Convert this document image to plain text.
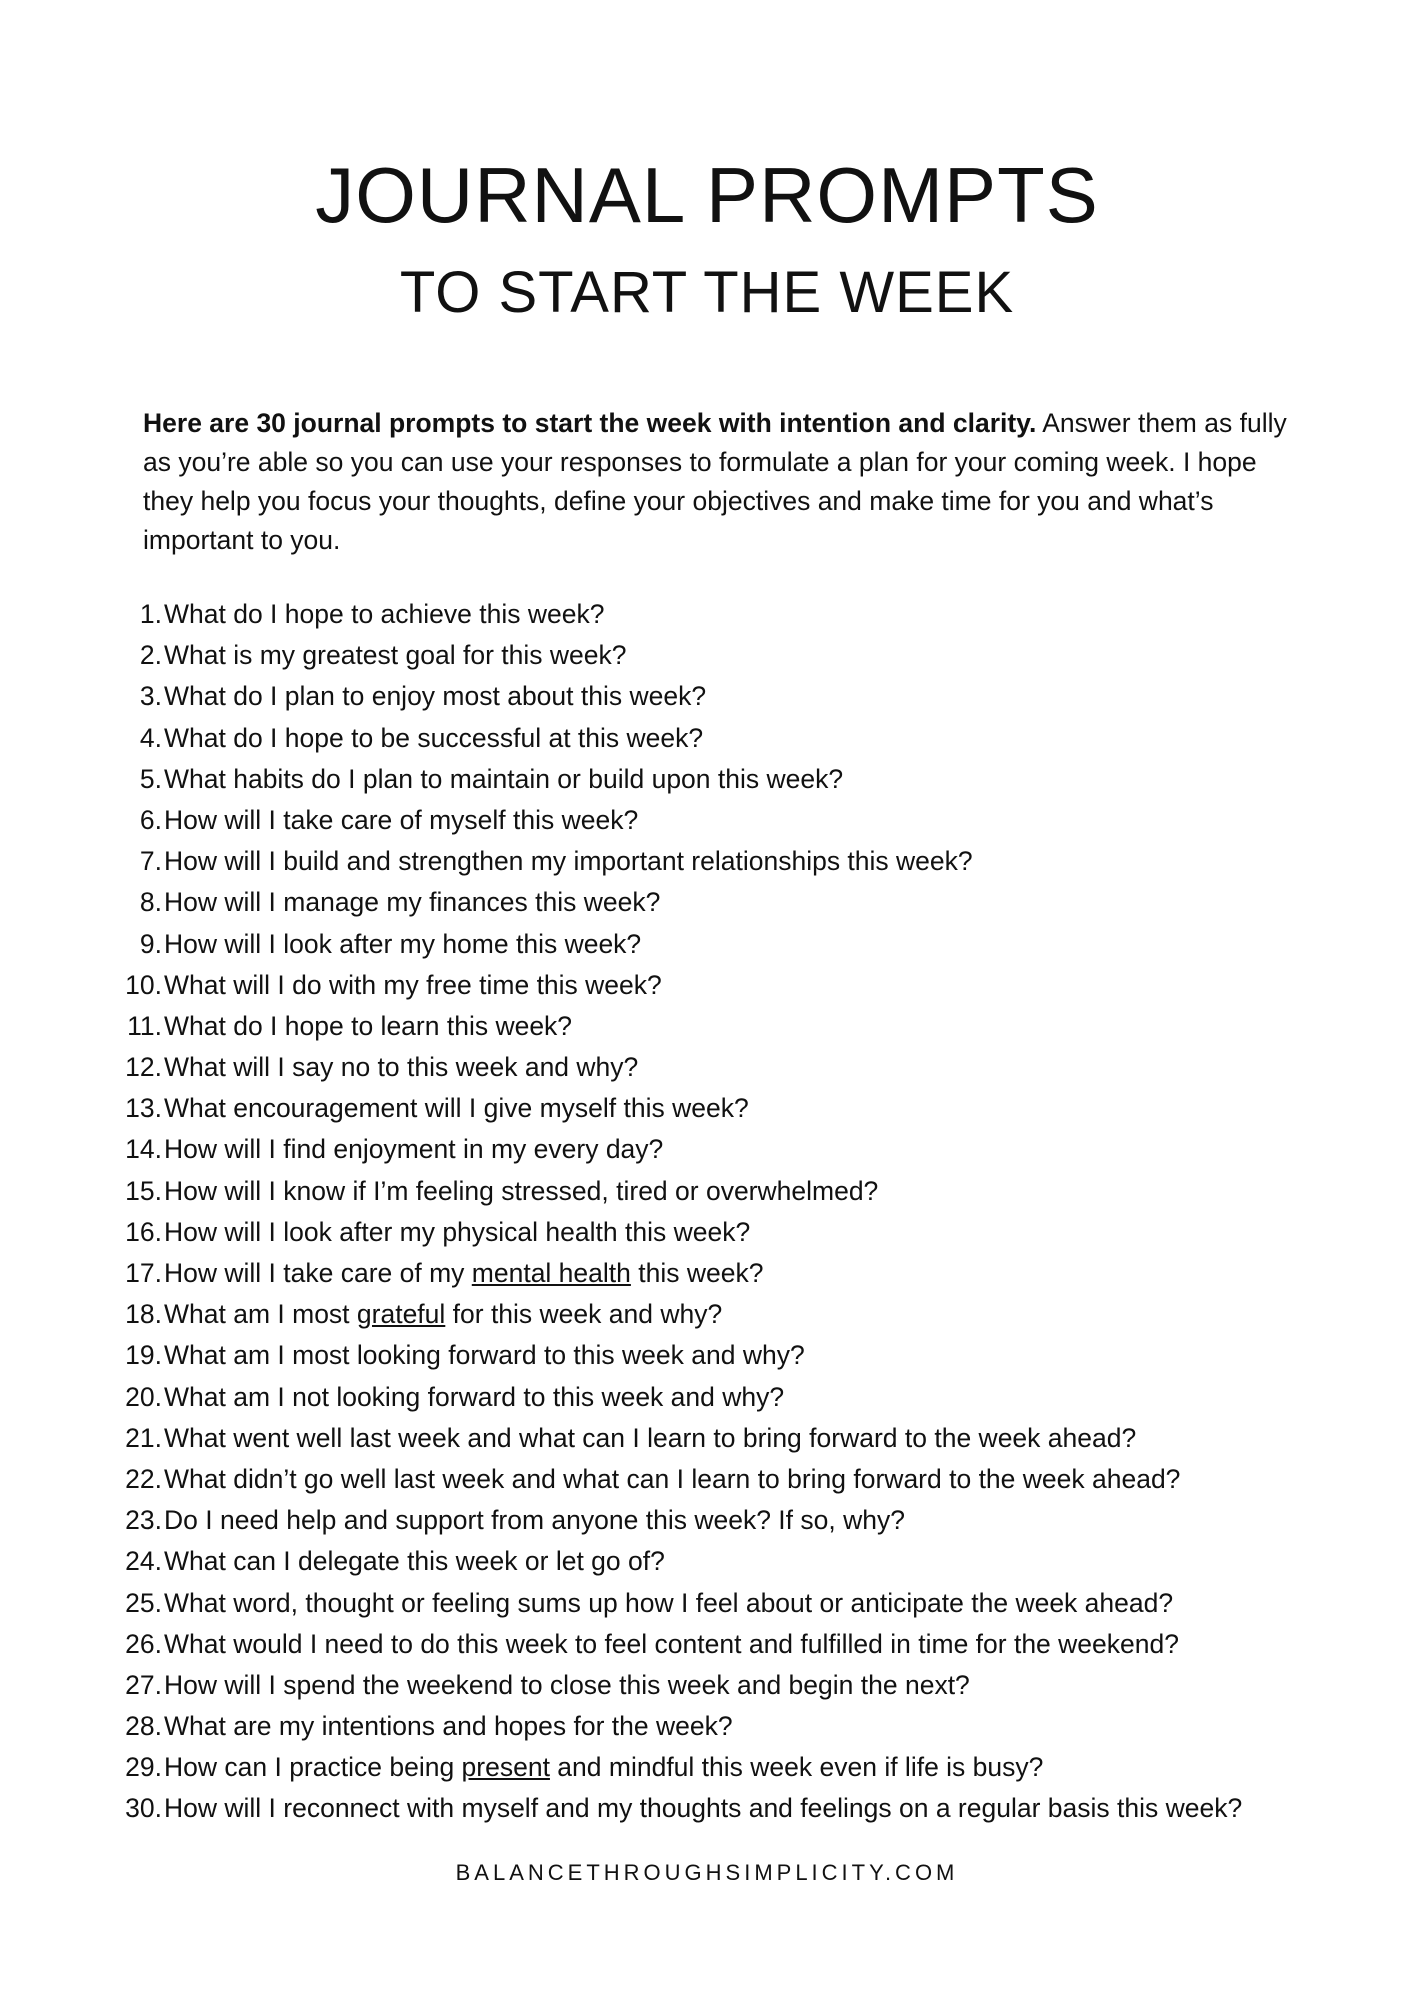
JOURNAL PROMPTS
TO START THE WEEK

Here are 30 journal prompts to start the week with intention and clarity. Answer them as fully as you’re able so you can use your responses to formulate a plan for your coming week. I hope they help you focus your thoughts, define your objectives and make time for you and what’s important to you.

1. What do I hope to achieve this week?
2. What is my greatest goal for this week?
3. What do I plan to enjoy most about this week?
4. What do I hope to be successful at this week?
5. What habits do I plan to maintain or build upon this week?
6. How will I take care of myself this week?
7. How will I build and strengthen my important relationships this week?
8. How will I manage my finances this week?
9. How will I look after my home this week?
10. What will I do with my free time this week?
11. What do I hope to learn this week?
12. What will I say no to this week and why?
13. What encouragement will I give myself this week?
14. How will I find enjoyment in my every day?
15. How will I know if I’m feeling stressed, tired or overwhelmed?
16. How will I look after my physical health this week?
17. How will I take care of my mental health this week?
18. What am I most grateful for this week and why?
19. What am I most looking forward to this week and why?
20. What am I not looking forward to this week and why?
21. What went well last week and what can I learn to bring forward to the week ahead?
22. What didn’t go well last week and what can I learn to bring forward to the week ahead?
23. Do I need help and support from anyone this week? If so, why?
24. What can I delegate this week or let go of?
25. What word, thought or feeling sums up how I feel about or anticipate the week ahead?
26. What would I need to do this week to feel content and fulfilled in time for the weekend?
27. How will I spend the weekend to close this week and begin the next?
28. What are my intentions and hopes for the week?
29. How can I practice being present and mindful this week even if life is busy?
30. How will I reconnect with myself and my thoughts and feelings on a regular basis this week?

BALANCETHROUGHSIMPLICITY.COM
